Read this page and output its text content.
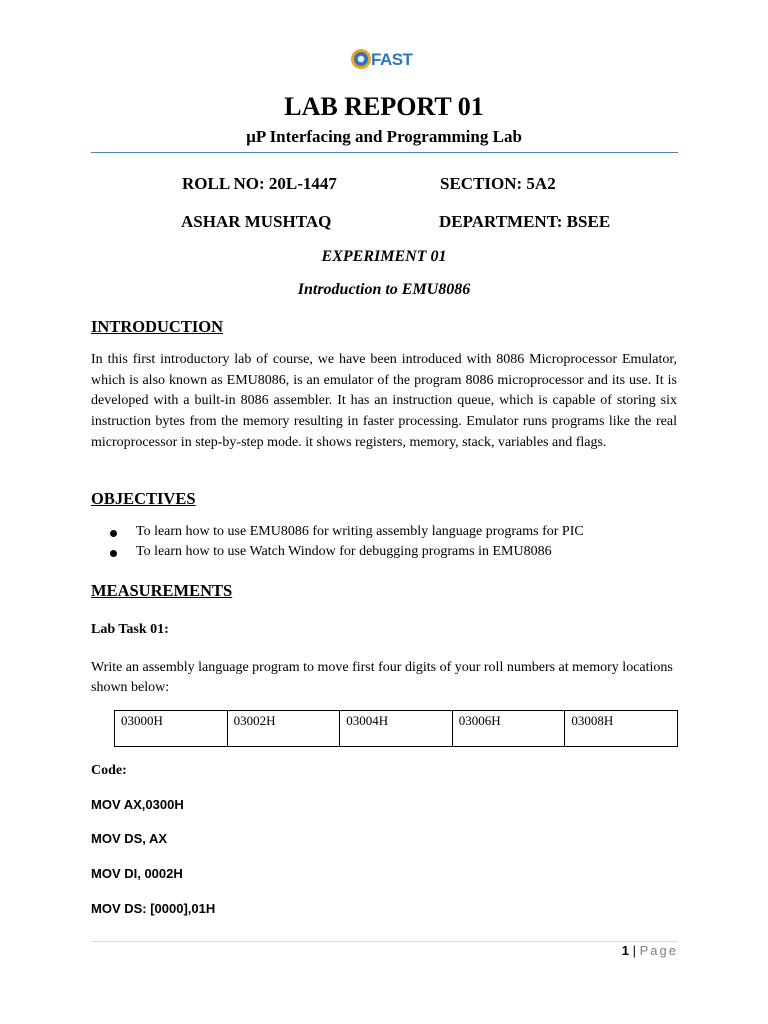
FAST
LAB REPORT 01
µP Interfacing and Programming Lab
ROLL NO: 20L-1447	SECTION: 5A2
ASHAR MUSHTAQ	DEPARTMENT: BSEE
EXPERIMENT 01
Introduction to EMU8086
INTRODUCTION
In this first introductory lab of course, we have been introduced with 8086 Microprocessor Emulator, which is also known as EMU8086, is an emulator of the program 8086 microprocessor and its use. It is developed with a built-in 8086 assembler. It has an instruction queue, which is capable of storing six instruction bytes from the memory resulting in faster processing. Emulator runs programs like the real microprocessor in step-by-step mode. it shows registers, memory, stack, variables and flags.
OBJECTIVES
To learn how to use EMU8086 for writing assembly language programs for PIC
To learn how to use Watch Window for debugging programs in EMU8086
MEASUREMENTS
Lab Task 01:
Write an assembly language program to move first four digits of your roll numbers at memory locations shown below:
03000H	03002H	03004H	03006H	03008H
Code:
MOV AX,0300H
MOV DS, AX
MOV DI, 0002H
MOV DS: [0000],01H
1 | Page
